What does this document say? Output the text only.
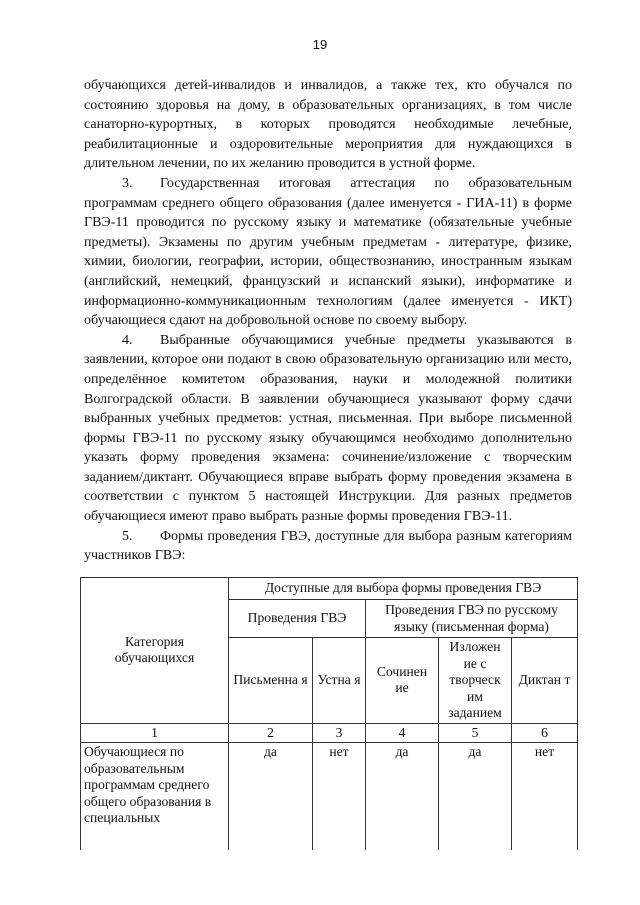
19

обучающихся детей-инвалидов и инвалидов, а также тех, кто обучался по состоянию здоровья на дому, в образовательных организациях, в том числе санаторно-курортных, в которых проводятся необходимые лечебные, реабилитационные и оздоровительные мероприятия для нуждающихся в длительном лечении, по их желанию проводится в устной форме.

3. Государственная итоговая аттестация по образовательным программам среднего общего образования (далее именуется - ГИА-11) в форме ГВЭ-11 проводится по русскому языку и математике (обязательные учебные предметы). Экзамены по другим учебным предметам - литературе, физике, химии, биологии, географии, истории, обществознанию, иностранным языкам (английский, немецкий, французский и испанский языки), информатике и информационно-коммуникационным технологиям (далее именуется - ИКТ) обучающиеся сдают на добровольной основе по своему выбору.

4. Выбранные обучающимися учебные предметы указываются в заявлении, которое они подают в свою образовательную организацию или место, определённое комитетом образования, науки и молодежной политики Волгоградской области. В заявлении обучающиеся указывают форму сдачи выбранных учебных предметов: устная, письменная. При выборе письменной формы ГВЭ-11 по русскому языку обучающимся необходимо дополнительно указать форму проведения экзамена: сочинение/изложение с творческим заданием/диктант. Обучающиеся вправе выбрать форму проведения экзамена в соответствии с пунктом 5 настоящей Инструкции. Для разных предметов обучающиеся имеют право выбрать разные формы проведения ГВЭ-11.

5. Формы проведения ГВЭ, доступные для выбора разным категориям участников ГВЭ:

Категория обучающихся	Доступные для выбора формы проведения ГВЭ				
	Проведения ГВЭ		Проведения ГВЭ по русскому языку (письменная форма)		
	Письменна я	Устна я	Сочинен ие	Изложен ие с творческ им заданием	Диктан т
1	2	3	4	5	6
Обучающиеся по образовательным программам среднего общего образования в специальных	да	нет	да	да	нет
